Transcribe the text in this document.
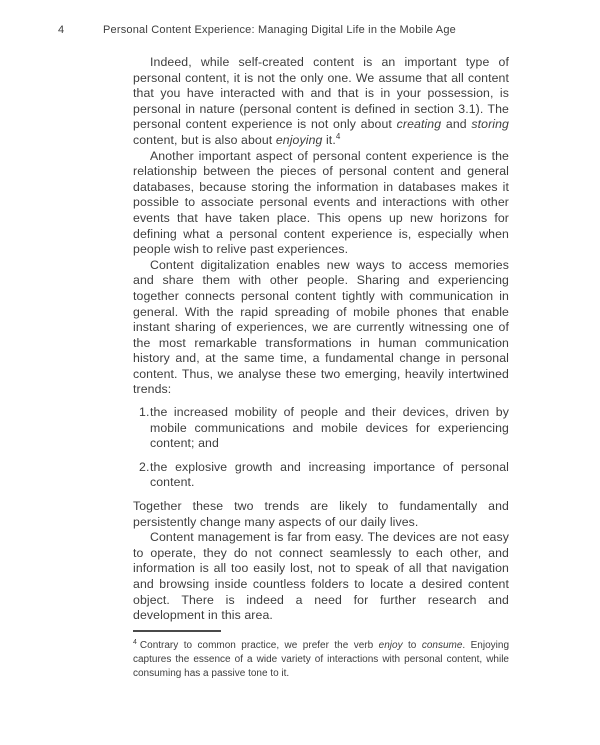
4	Personal Content Experience: Managing Digital Life in the Mobile Age

Indeed, while self-created content is an important type of personal content, it is not the only one. We assume that all content that you have interacted with and that is in your possession, is personal in nature (personal content is defined in section 3.1). The personal content experience is not only about creating and storing content, but is also about enjoying it.$^4$

Another important aspect of personal content experience is the relationship between the pieces of personal content and general databases, because storing the information in databases makes it possible to associate personal events and interactions with other events that have taken place. This opens up new horizons for defining what a personal content experience is, especially when people wish to relive past experiences.

Content digitalization enables new ways to access memories and share them with other people. Sharing and experiencing together connects personal content tightly with communication in general. With the rapid spreading of mobile phones that enable instant sharing of experiences, we are currently witnessing one of the most remarkable transformations in human communication history and, at the same time, a fundamental change in personal content. Thus, we analyse these two emerging, heavily intertwined trends:

1. the increased mobility of people and their devices, driven by mobile communications and mobile devices for experiencing content; and
2. the explosive growth and increasing importance of personal content.

Together these two trends are likely to fundamentally and persistently change many aspects of our daily lives.

Content management is far from easy. The devices are not easy to operate, they do not connect seamlessly to each other, and information is all too easily lost, not to speak of all that navigation and browsing inside countless folders to locate a desired content object. There is indeed a need for further research and development in this area.

$^4$ Contrary to common practice, we prefer the verb enjoy to consume. Enjoying captures the essence of a wide variety of interactions with personal content, while consuming has a passive tone to it.
